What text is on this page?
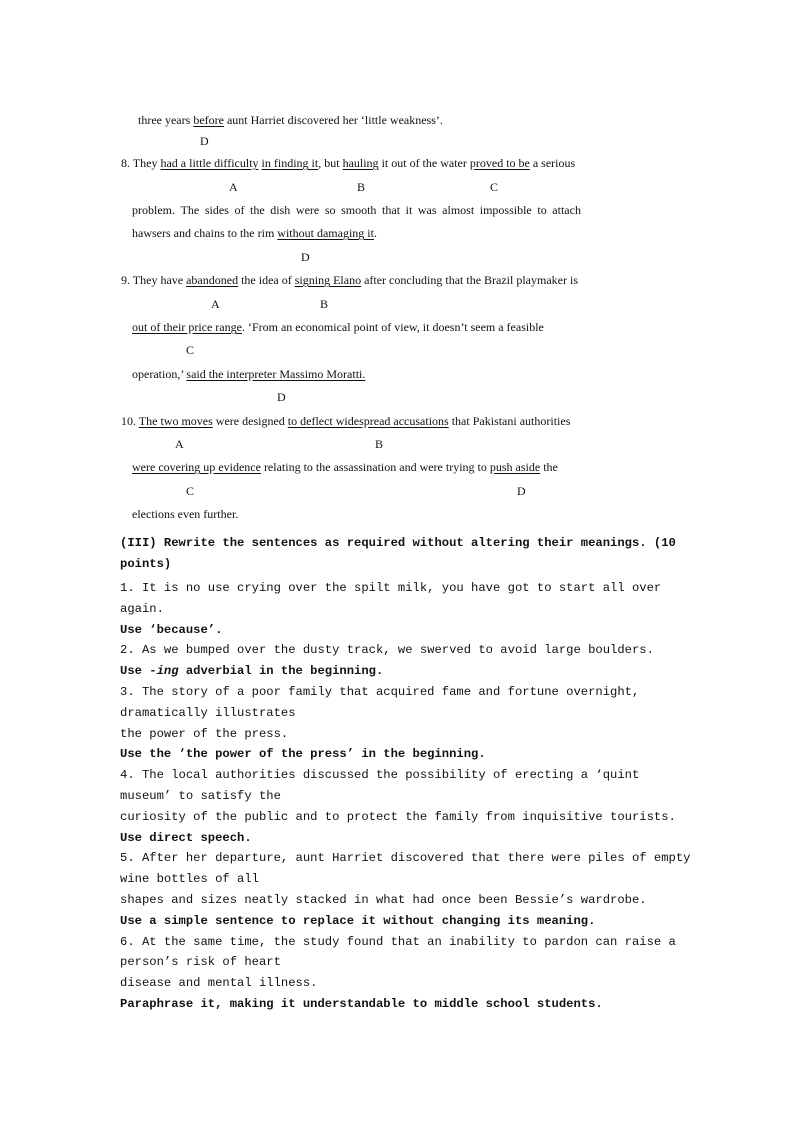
three years before aunt Harriet discovered her ‘little weakness’.
D
8. They had a little difficulty in finding it, but hauling it out of the water proved to be a serious
A	B	C
problem. The sides of the dish were so smooth that it was almost impossible to attach
hawsers and chains to the rim without damaging it.
D
9. They have abandoned the idea of signing Elano after concluding that the Brazil playmaker is
A	B
out of their price range. ‘From an economical point of view, it doesn’t seem a feasible
C
operation,’ said the interpreter Massimo Moratti.
D
10. The two moves were designed to deflect widespread accusations that Pakistani authorities
A	B
were covering up evidence relating to the assassination and were trying to push aside the
C	D
elections even further.
(III) Rewrite the sentences as required without altering their meanings. (10
points)
1. It is no use crying over the spilt milk, you have got to start all over
again.
Use ‘because’.
2. As we bumped over the dusty track, we swerved to avoid large boulders.
Use -ing adverbial in the beginning.
3. The story of a poor family that acquired fame and fortune overnight,
dramatically illustrates
the power of the press.
Use the ‘the power of the press’ in the beginning.
4. The local authorities discussed the possibility of erecting a ‘quint
museum’ to satisfy the
curiosity of the public and to protect the family from inquisitive tourists.
Use direct speech.
5. After her departure, aunt Harriet discovered that there were piles of empty
wine bottles of all
shapes and sizes neatly stacked in what had once been Bessie’s wardrobe.
Use a simple sentence to replace it without changing its meaning.
6. At the same time, the study found that an inability to pardon can raise a
person’s risk of heart
disease and mental illness.
Paraphrase it, making it understandable to middle school students.
